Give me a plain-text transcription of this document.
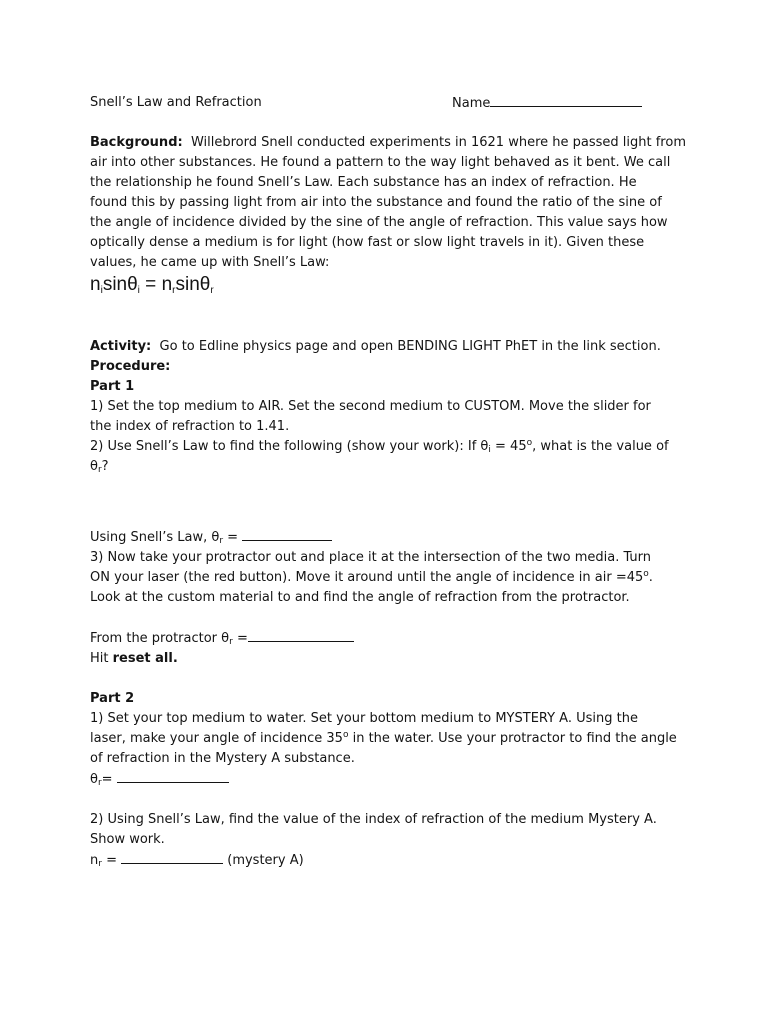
Snell’s Law and Refraction	Name

Background: Willebrord Snell conducted experiments in 1621 where he passed light from

air into other substances. He found a pattern to the way light behaved as it bent. We call

the relationship he found Snell’s Law. Each substance has an index of refraction. He

found this by passing light from air into the substance and found the ratio of the sine of

the angle of incidence divided by the sine of the angle of refraction. This value says how

optically dense a medium is for light (how fast or slow light travels in it). Given these

values, he came up with Snell’s Law:

$n_i\sin\theta_i = n_r\sin\theta_r$

Activity: Go to Edline physics page and open BENDING LIGHT PhET in the link section.

Procedure:

Part 1

1) Set the top medium to AIR. Set the second medium to CUSTOM. Move the slider for

the index of refraction to 1.41.

2) Use Snell’s Law to find the following (show your work): If $\theta_i = 45^o$, what is the value of

$\theta_r$?

Using Snell’s Law, $\theta_r$ =

3) Now take your protractor out and place it at the intersection of the two media. Turn

ON your laser (the red button). Move it around until the angle of incidence in air $=45^o$.

Look at the custom material to and find the angle of refraction from the protractor.

From the protractor $\theta_r$ =

Hit reset all.

Part 2

1) Set your top medium to water. Set your bottom medium to MYSTERY A. Using the

laser, make your angle of incidence 35$^o$ in the water. Use your protractor to find the angle

of refraction in the Mystery A substance.

$\theta_r=$

2) Using Snell’s Law, find the value of the index of refraction of the medium Mystery A.

Show work.

$n_r$ =	(mystery A)
